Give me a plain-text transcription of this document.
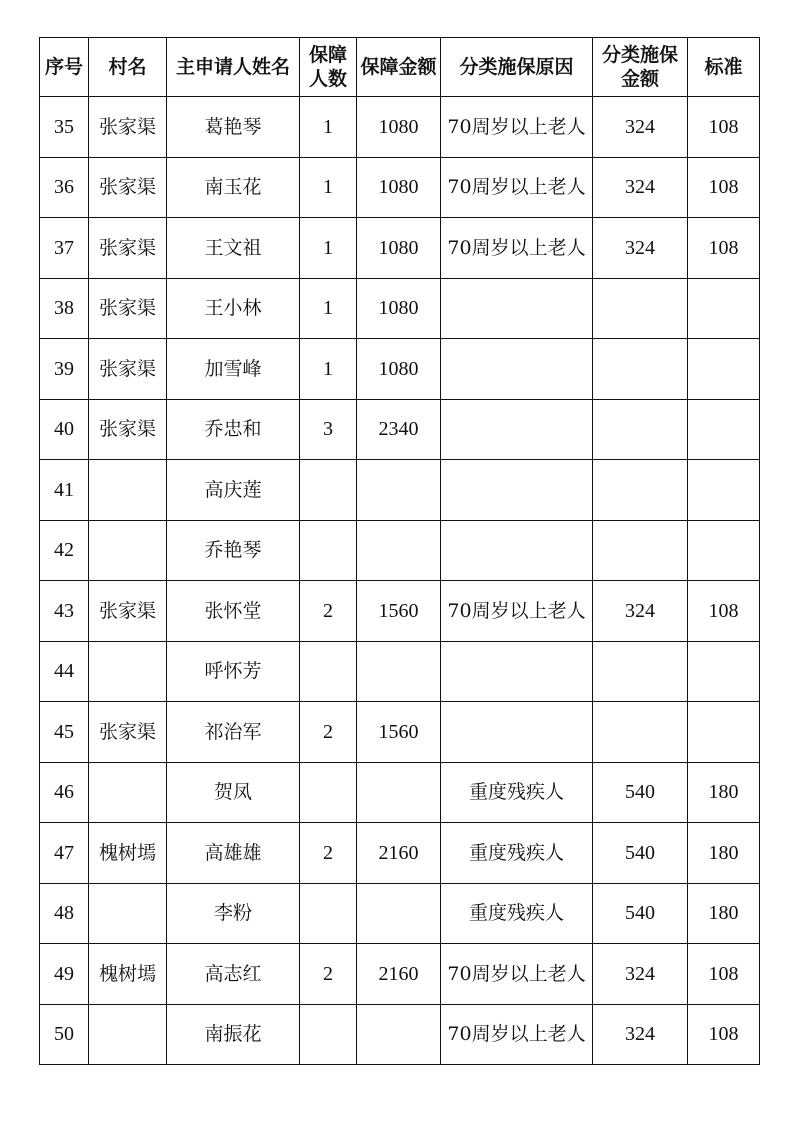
序号	村名	主申请人姓名	保障人数	保障金额	分类施保原因	分类施保金额	标准
35	张家渠	葛艳琴	1	1080	70周岁以上老人	324	108
36	张家渠	南玉花	1	1080	70周岁以上老人	324	108
37	张家渠	王文祖	1	1080	70周岁以上老人	324	108
38	张家渠	王小林	1	1080			
39	张家渠	加雪峰	1	1080			
40	张家渠	乔忠和	3	2340			
41		高庆莲					
42		乔艳琴					
43	张家渠	张怀堂	2	1560	70周岁以上老人	324	108
44		呼怀芳					
45	张家渠	祁治军	2	1560			
46		贺凤			重度残疾人	540	180
47	槐树墕	高雄雄	2	2160	重度残疾人	540	180
48		李粉			重度残疾人	540	180
49	槐树墕	高志红	2	2160	70周岁以上老人	324	108
50		南振花			70周岁以上老人	324	108
